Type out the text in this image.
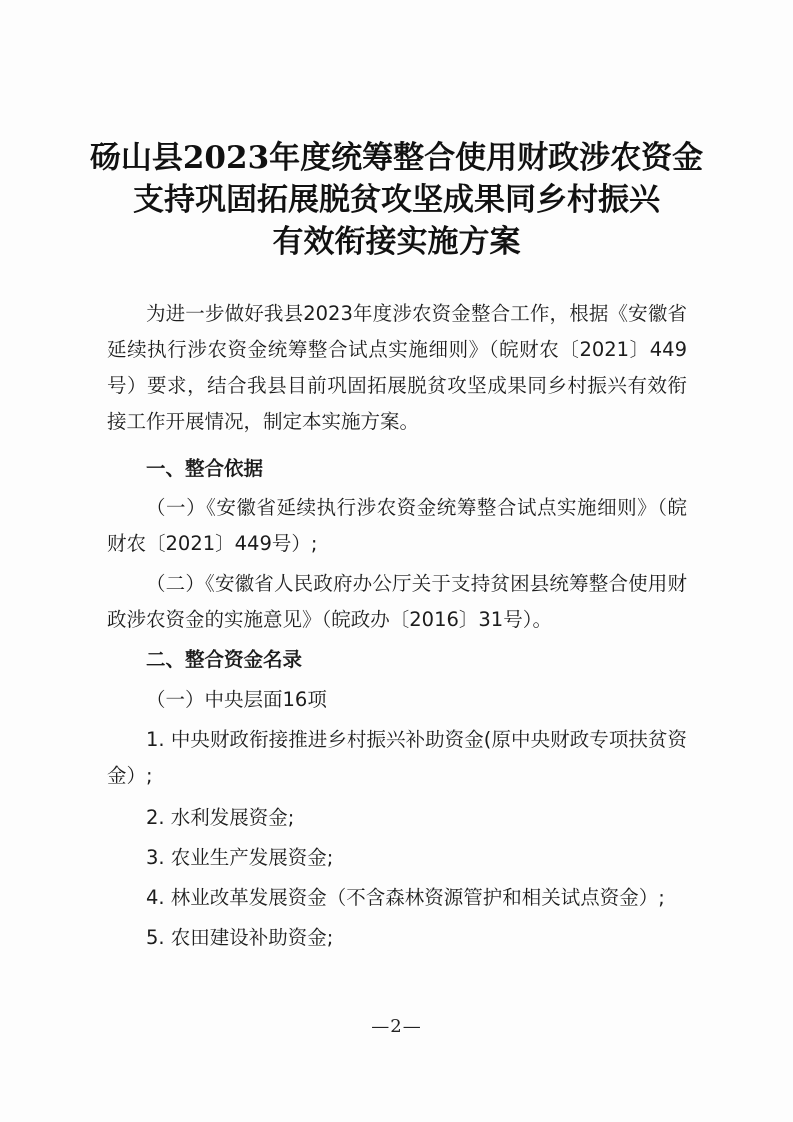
砀山县2023年度统筹整合使用财政涉农资金
支持巩固拓展脱贫攻坚成果同乡村振兴
有效衔接实施方案
为进一步做好我县2023年度涉农资金整合工作，根据《安徽省延续执行涉农资金统筹整合试点实施细则》（皖财农〔2021〕449号）要求，结合我县目前巩固拓展脱贫攻坚成果同乡村振兴有效衔接工作开展情况，制定本实施方案。
一、整合依据
（一）《安徽省延续执行涉农资金统筹整合试点实施细则》（皖财农〔2021〕449号）;
（二）《安徽省人民政府办公厅关于支持贫困县统筹整合使用财政涉农资金的实施意见》（皖政办〔2016〕31号）。
二、整合资金名录
（一）中央层面16项
1. 中央财政衔接推进乡村振兴补助资金(原中央财政专项扶贫资金）;
2. 水利发展资金;
3. 农业生产发展资金;
4. 林业改革发展资金（不含森林资源管护和相关试点资金）;
5. 农田建设补助资金;
—2—
